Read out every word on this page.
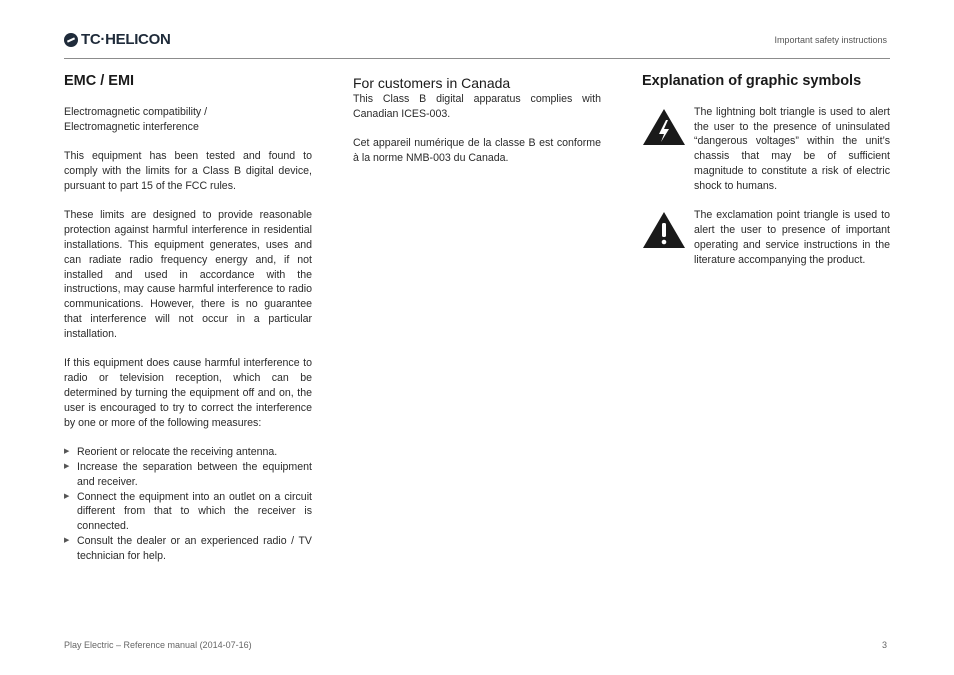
TC·HELICON	Important safety instructions
EMC / EMI

Electromagnetic compatibility /
Electromagnetic interference

This equipment has been tested and found to comply with the limits for a Class B digital device, pursuant to part 15 of the FCC rules.

These limits are designed to provide reasonable protection against harmful interference in residential installations. This equipment generates, uses and can radiate radio frequency energy and, if not installed and used in accordance with the instructions, may cause harmful interference to radio communications. However, there is no guarantee that interference will not occur in a particular installation.

If this equipment does cause harmful interference to radio or television reception, which can be determined by turning the equipment off and on, the user is encouraged to try to correct the interference by one or more of the following measures:

▶ Reorient or relocate the receiving antenna.
▶ Increase the separation between the equipment and receiver.
▶ Connect the equipment into an outlet on a circuit different from that to which the receiver is connected.
▶ Consult the dealer or an experienced radio / TV technician for help.
For customers in Canada

This Class B digital apparatus complies with Canadian ICES-003.

Cet appareil numérique de la classe B est conforme à la norme NMB-003 du Canada.

Explanation of graphic symbols
The lightning bolt triangle is used to alert the user to the presence of uninsulated “dangerous voltages” within the unit’s chassis that may be of sufficient magnitude to constitute a risk of electric shock to humans.
The exclamation point triangle is used to alert the user to presence of important operating and service instructions in the literature accompanying the product.
Play Electric – Reference manual (2014-07-16)	3
